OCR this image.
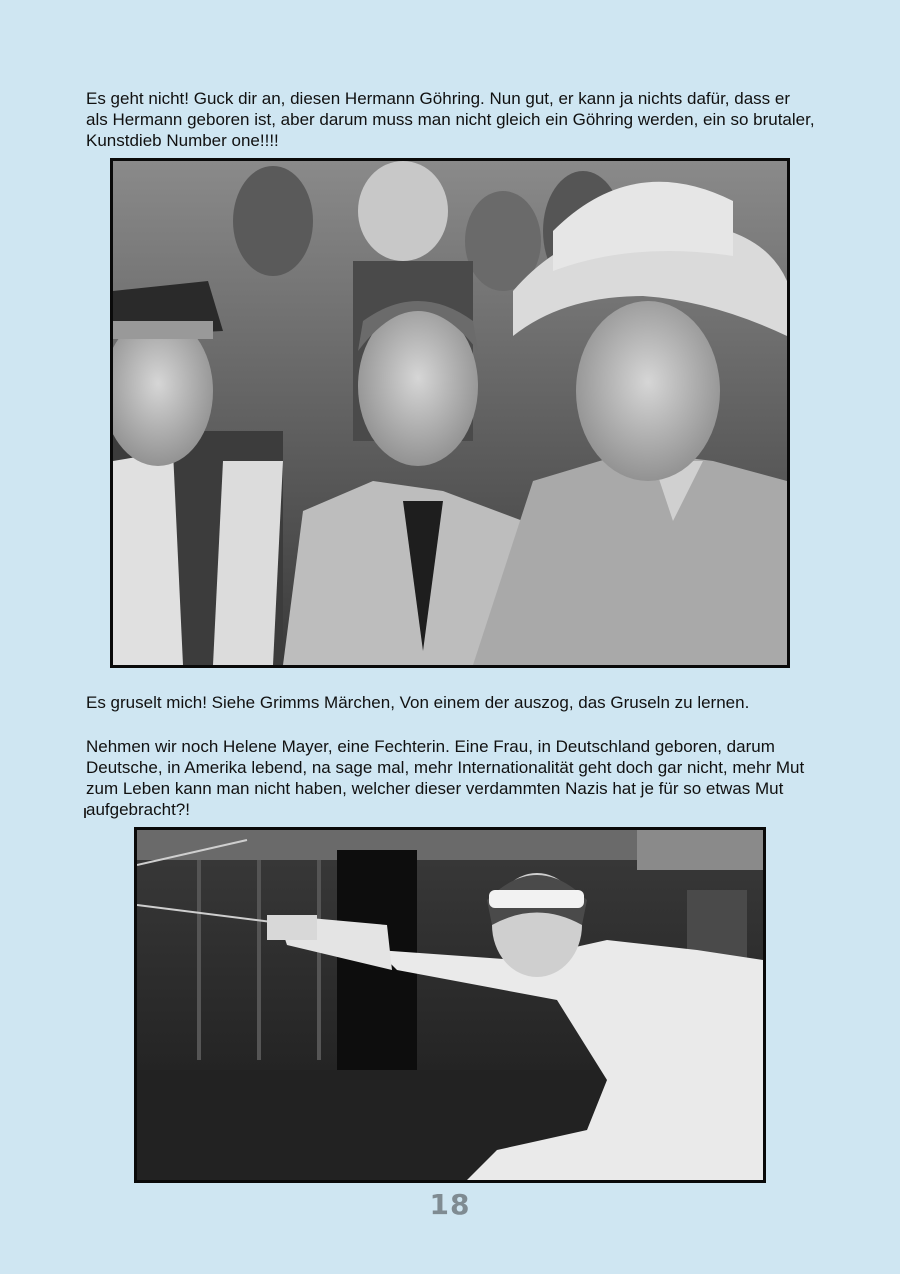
Es geht nicht! Guck dir an, diesen Hermann Göhring. Nun gut, er kann ja nichts dafür, dass er als Hermann geboren ist, aber darum muss man nicht gleich ein Göhring werden, ein so brutaler, Kunstdieb Number one!!!!

Es gruselt mich! Siehe Grimms Märchen, Von einem der auszog, das Gruseln zu lernen.

Nehmen wir noch Helene Mayer, eine Fechterin. Eine Frau, in Deutschland geboren, darum Deutsche, in Amerika lebend, na sage mal, mehr Internationalität geht doch gar nicht, mehr Mut zum Leben kann man nicht haben, welcher dieser verdammten Nazis hat je für so etwas Mut aufgebracht?!

18
